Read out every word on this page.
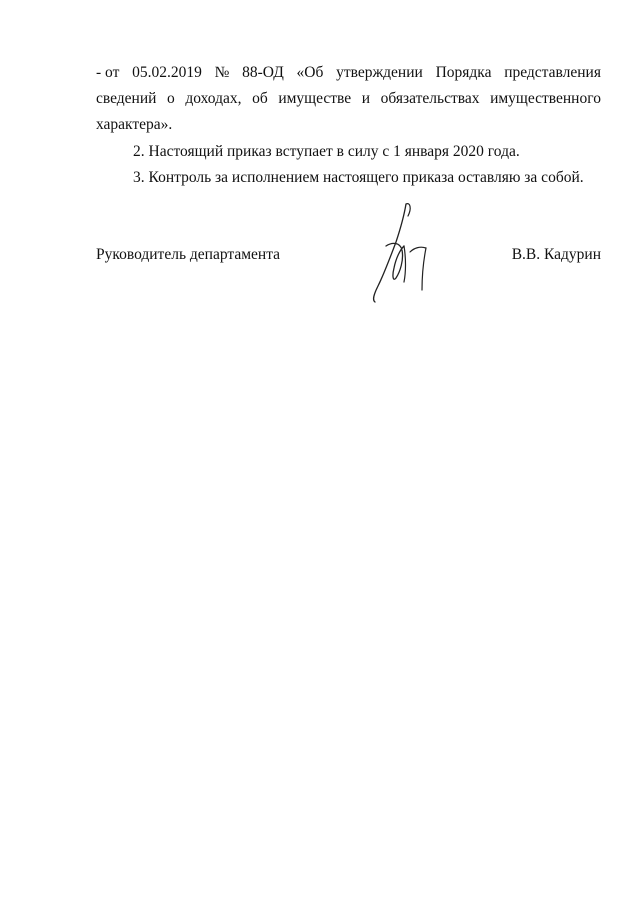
- от 05.02.2019 № 88-ОД «Об утверждении Порядка представления
сведений о доходах, об имуществе и обязательствах имущественного
характера».
2. Настоящий приказ вступает в силу с 1 января 2020 года.
3. Контроль за исполнением настоящего приказа оставляю за собой.
Руководитель департамента	В.В. Кадурин
